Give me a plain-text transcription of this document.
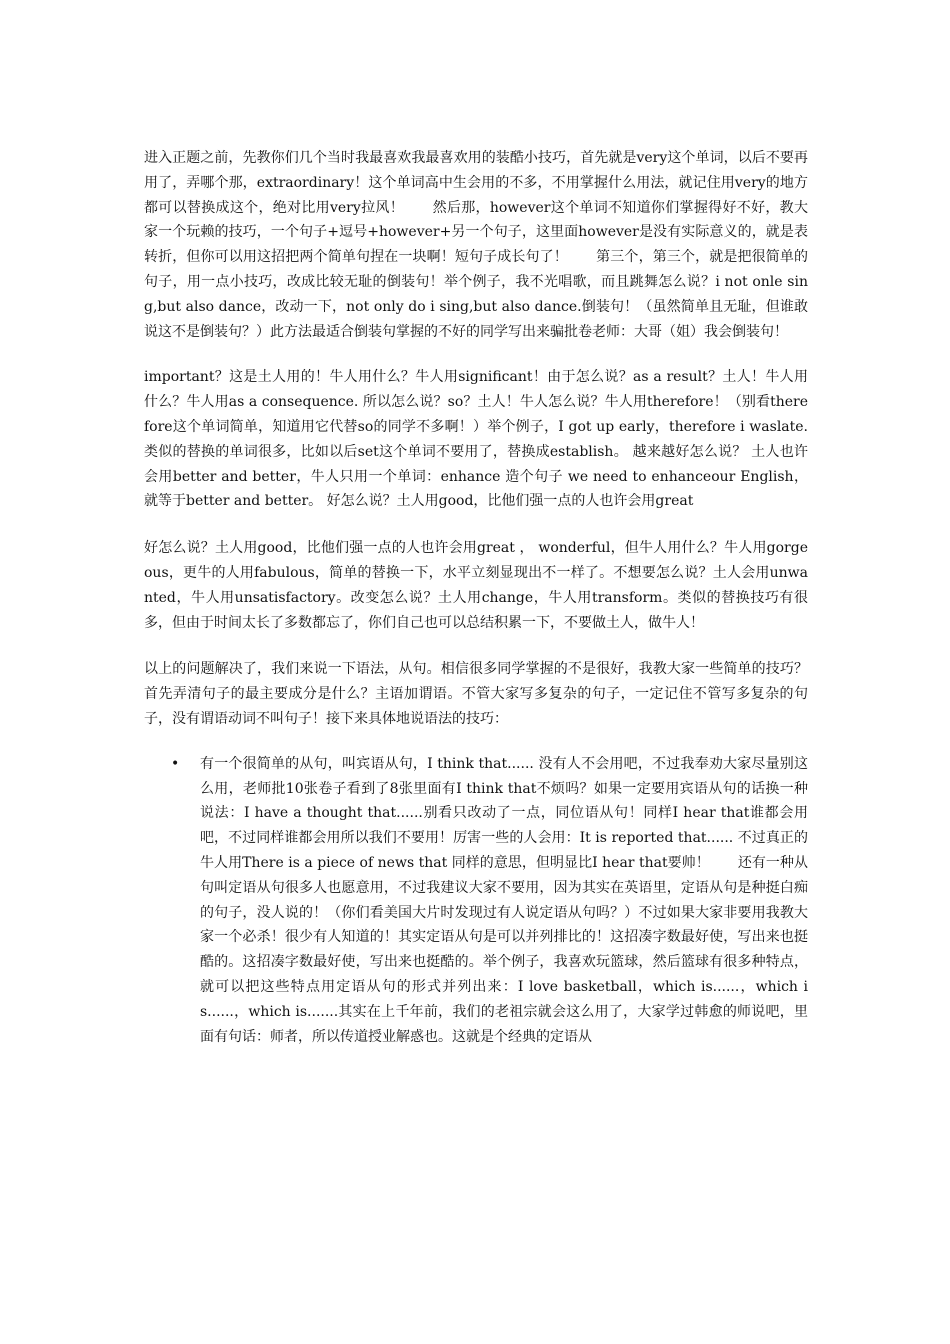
进入正题之前，先教你们几个当时我最喜欢我最喜欢用的装酷小技巧，首先就是very这个单词，以后不要再用了，弄哪个那，extraordinary！这个单词高中生会用的不多，不用掌握什么用法，就记住用very的地方都可以替换成这个，绝对比用very拉风！　　然后那，however这个单词不知道你们掌握得好不好，教大家一个玩赖的技巧，一个句子+逗号+however+另一个句子，这里面however是没有实际意义的，就是表转折，但你可以用这招把两个简单句捏在一块啊！短句子成长句了！　　第三个，第三个，就是把很简单的句子，用一点小技巧，改成比较无耻的倒装句！举个例子，我不光唱歌，而且跳舞怎么说？i not onle sing,but also dance，改动一下，not only do i sing,but also dance.倒装句！（虽然简单且无耻，但谁敢说这不是倒装句？）此方法最适合倒装句掌握的不好的同学写出来骗批卷老师：大哥（姐）我会倒装句！

important？这是土人用的！牛人用什么？牛人用significant！由于怎么说？as a result？土人！牛人用什么？牛人用as a consequence. 所以怎么说？so？土人！牛人怎么说？牛人用therefore！（别看therefore这个单词简单，知道用它代替so的同学不多啊！）举个例子，I got up early，therefore i waslate. 类似的替换的单词很多，比如以后set这个单词不要用了，替换成establish。 越来越好怎么说？ 土人也许会用better and better，牛人只用一个单词：enhance 造个句子 we need to enhanceour English，就等于better and better。 好怎么说？土人用good，比他们强一点的人也许会用great

好怎么说？土人用good，比他们强一点的人也许会用great ， wonderful，但牛人用什么？牛人用gorgeous，更牛的人用fabulous，简单的替换一下，水平立刻显现出不一样了。不想要怎么说？土人会用unwanted，牛人用unsatisfactory。改变怎么说？土人用change，牛人用transform。类似的替换技巧有很多，但由于时间太长了多数都忘了，你们自己也可以总结积累一下，不要做土人，做牛人！

以上的问题解决了，我们来说一下语法，从句。相信很多同学掌握的不是很好，我教大家一些简单的技巧？首先弄清句子的最主要成分是什么？主语加谓语。不管大家写多复杂的句子，一定记住不管写多复杂的句子，没有谓语动词不叫句子！接下来具体地说语法的技巧：

• 有一个很简单的从句，叫宾语从句，I think that...... 没有人不会用吧，不过我奉劝大家尽量别这么用，老师批10张卷子看到了8张里面有I think that不烦吗？如果一定要用宾语从句的话换一种说法：I have a thought that......别看只改动了一点，同位语从句！同样I hear that谁都会用吧，不过同样谁都会用所以我们不要用！厉害一些的人会用：It is reported that...... 不过真正的牛人用There is a piece of news that 同样的意思，但明显比I hear that要帅！　　还有一种从句叫定语从句很多人也愿意用，不过我建议大家不要用，因为其实在英语里，定语从句是种挺白痴的句子，没人说的！（你们看美国大片时发现过有人说定语从句吗？）不过如果大家非要用我教大家一个必杀！很少有人知道的！其实定语从句是可以并列排比的！这招凑字数最好使，写出来也挺酷的。这招凑字数最好使，写出来也挺酷的。举个例子，我喜欢玩篮球，然后篮球有很多种特点，就可以把这些特点用定语从句的形式并列出来：I love basketball，which is......，which is......，which is.......其实在上千年前，我们的老祖宗就会这么用了，大家学过韩愈的师说吧，里面有句话：师者，所以传道授业解惑也。这就是个经典的定语从
